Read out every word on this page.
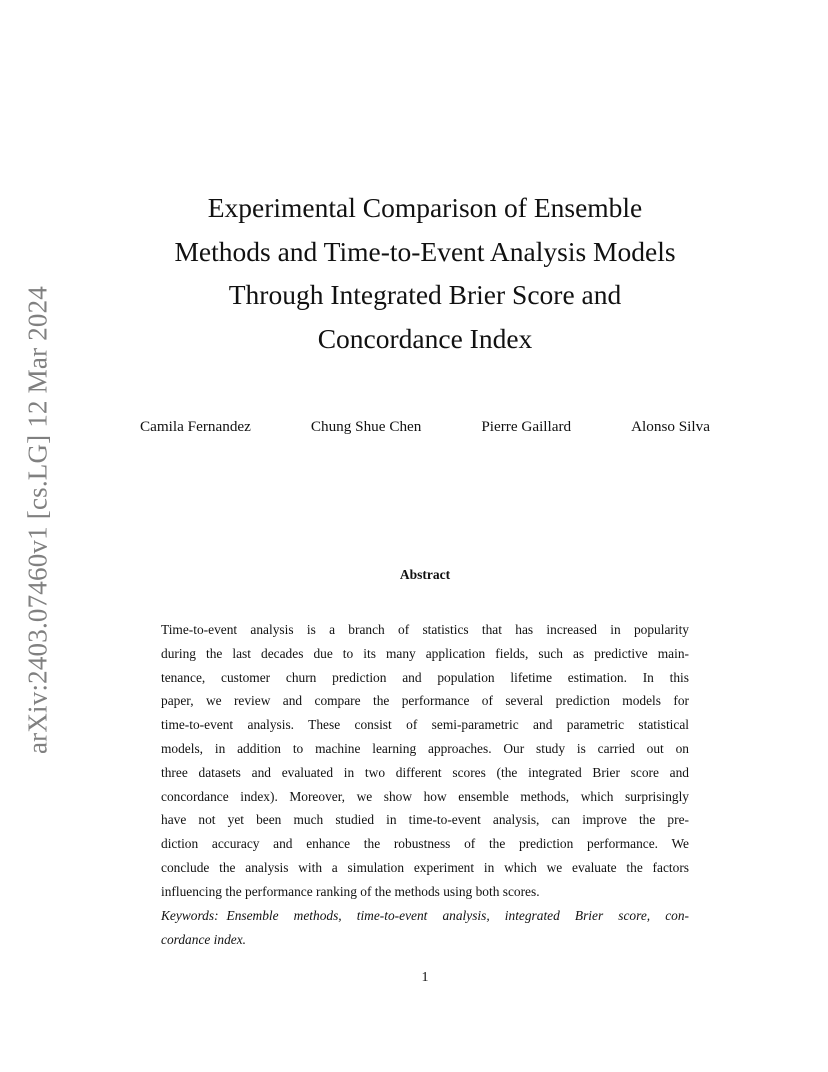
arXiv:2403.07460v1 [cs.LG] 12 Mar 2024
Experimental Comparison of Ensemble
Methods and Time-to-Event Analysis Models
Through Integrated Brier Score and
Concordance Index
Camila Fernandez	Chung Shue Chen	Pierre Gaillard	Alonso Silva
Abstract
Time-to-event analysis is a branch of statistics that has increased in popularity
during the last decades due to its many application fields, such as predictive main-
tenance, customer churn prediction and population lifetime estimation. In this
paper, we review and compare the performance of several prediction models for
time-to-event analysis. These consist of semi-parametric and parametric statistical
models, in addition to machine learning approaches. Our study is carried out on
three datasets and evaluated in two different scores (the integrated Brier score and
concordance index). Moreover, we show how ensemble methods, which surprisingly
have not yet been much studied in time-to-event analysis, can improve the pre-
diction accuracy and enhance the robustness of the prediction performance. We
conclude the analysis with a simulation experiment in which we evaluate the factors
influencing the performance ranking of the methods using both scores.
Keywords: Ensemble methods, time-to-event analysis, integrated Brier score, con-
cordance index.
1
